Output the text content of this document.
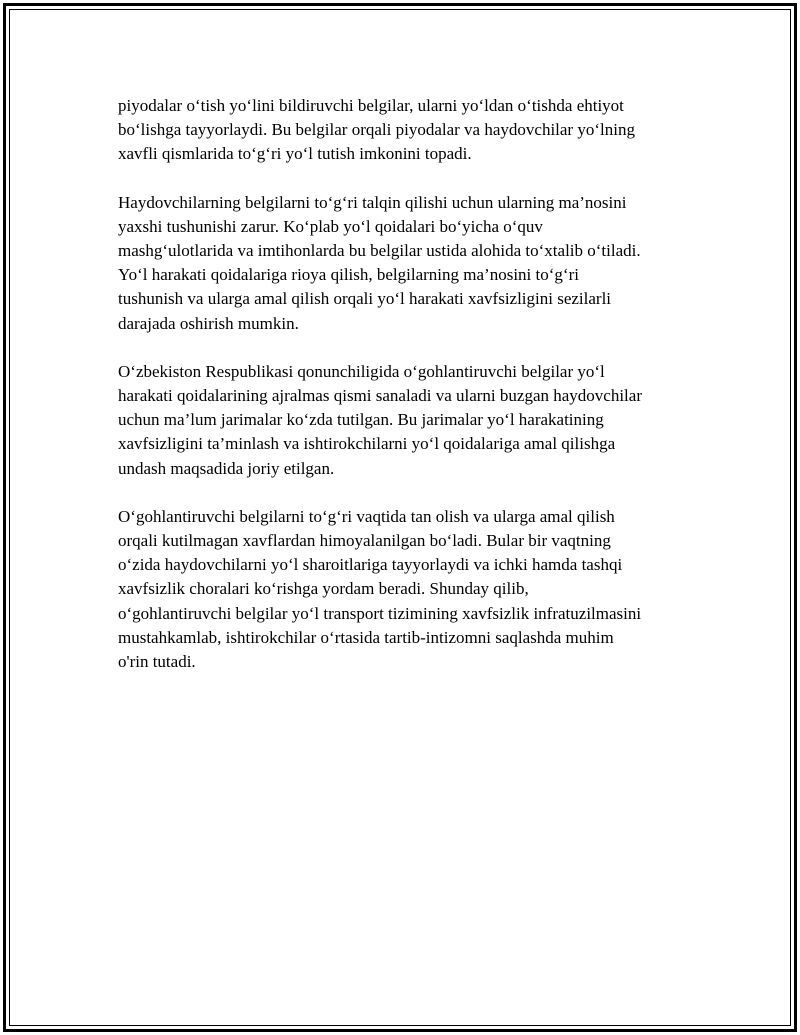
piyodalar o‘tish yo‘lini bildiruvchi belgilar, ularni yo‘ldan o‘tishda ehtiyot
bo‘lishga tayyorlaydi. Bu belgilar orqali piyodalar va haydovchilar yo‘lning
xavfli qismlarida to‘g‘ri yo‘l tutish imkonini topadi.

Haydovchilarning belgilarni to‘g‘ri talqin qilishi uchun ularning ma’nosini
yaxshi tushunishi zarur. Ko‘plab yo‘l qoidalari bo‘yicha o‘quv
mashg‘ulotlarida va imtihonlarda bu belgilar ustida alohida to‘xtalib o‘tiladi.
Yo‘l harakati qoidalariga rioya qilish, belgilarning ma’nosini to‘g‘ri
tushunish va ularga amal qilish orqali yo‘l harakati xavfsizligini sezilarli
darajada oshirish mumkin.

O‘zbekiston Respublikasi qonunchiligida o‘gohlantiruvchi belgilar yo‘l
harakati qoidalarining ajralmas qismi sanaladi va ularni buzgan haydovchilar
uchun ma’lum jarimalar ko‘zda tutilgan. Bu jarimalar yo‘l harakatining
xavfsizligini ta’minlash va ishtirokchilarni yo‘l qoidalariga amal qilishga
undash maqsadida joriy etilgan.

O‘gohlantiruvchi belgilarni to‘g‘ri vaqtida tan olish va ularga amal qilish
orqali kutilmagan xavflardan himoyalanilgan bo‘ladi. Bular bir vaqtning
o‘zida haydovchilarni yo‘l sharoitlariga tayyorlaydi va ichki hamda tashqi
xavfsizlik choralari ko‘rishga yordam beradi. Shunday qilib,
o‘gohlantiruvchi belgilar yo‘l transport tizimining xavfsizlik infratuzilmasini
mustahkamlab, ishtirokchilar o‘rtasida tartib-intizomni saqlashda muhim
o'rin tutadi.
